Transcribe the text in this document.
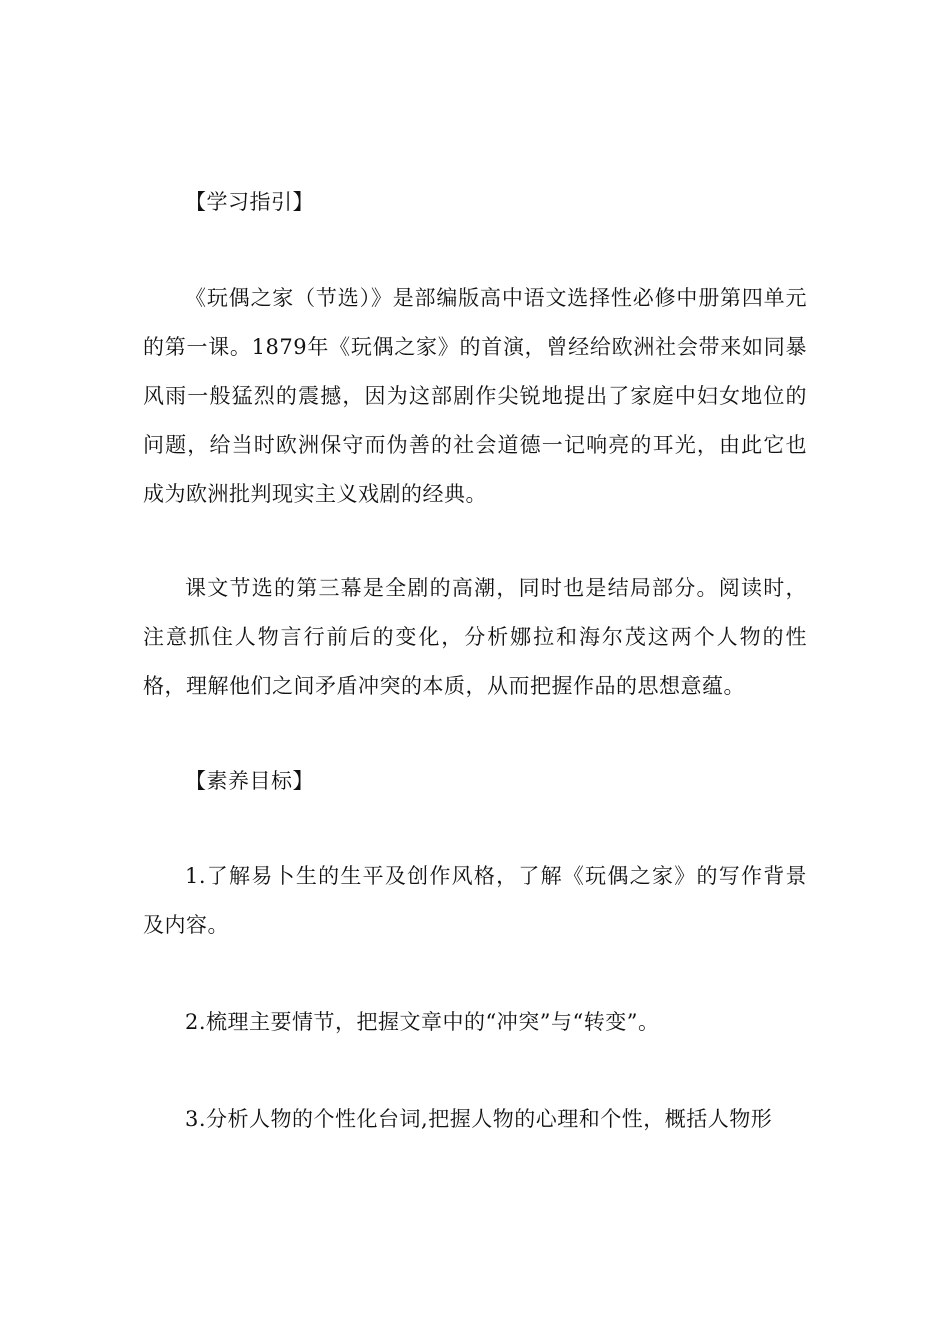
【学习指引】

《玩偶之家（节选）》是部编版高中语文选择性必修中册第四单元的第一课。1879年《玩偶之家》的首演，曾经给欧洲社会带来如同暴风雨一般猛烈的震撼，因为这部剧作尖锐地提出了家庭中妇女地位的问题，给当时欧洲保守而伪善的社会道德一记响亮的耳光，由此它也成为欧洲批判现实主义戏剧的经典。

课文节选的第三幕是全剧的高潮，同时也是结局部分。阅读时，注意抓住人物言行前后的变化，分析娜拉和海尔茂这两个人物的性格，理解他们之间矛盾冲突的本质，从而把握作品的思想意蕴。

【素养目标】

1.了解易卜生的生平及创作风格，了解《玩偶之家》的写作背景及内容。

2.梳理主要情节，把握文章中的“冲突”与“转变”。

3.分析人物的个性化台词,把握人物的心理和个性，概括人物形
